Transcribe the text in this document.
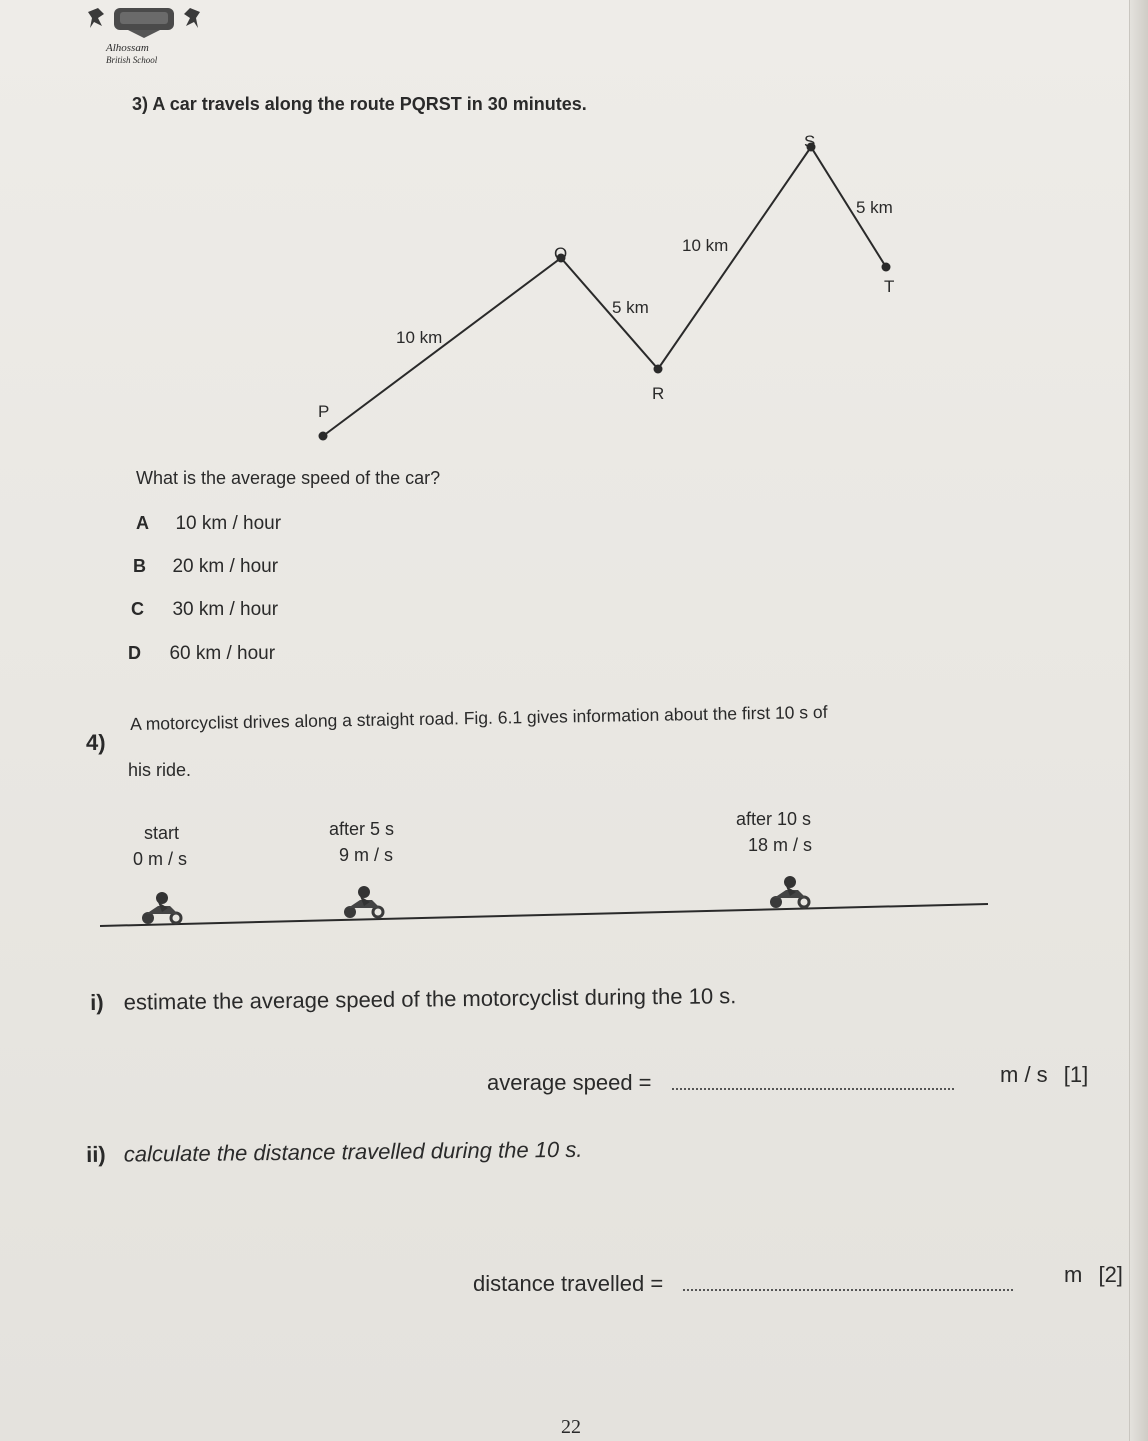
Alhossam
British School
3) A car travels along the route PQRST in 30 minutes.
P
Q
R
S
T
10 km
5 km
10 km
5 km
What is the average speed of the car?
A 10 km / hour
B 20 km / hour
C 30 km / hour
D 60 km / hour
4)
A motorcyclist drives along a straight road. Fig. 6.1 gives information about the first 10 s of
his ride.
start
0 m / s
after 5 s
9 m / s
after 10 s
18 m / s
i) estimate the average speed of the motorcyclist during the 10 s.
average speed =	m / s [1]
ii) calculate the distance travelled during the 10 s.
distance travelled =	m [2]
22
